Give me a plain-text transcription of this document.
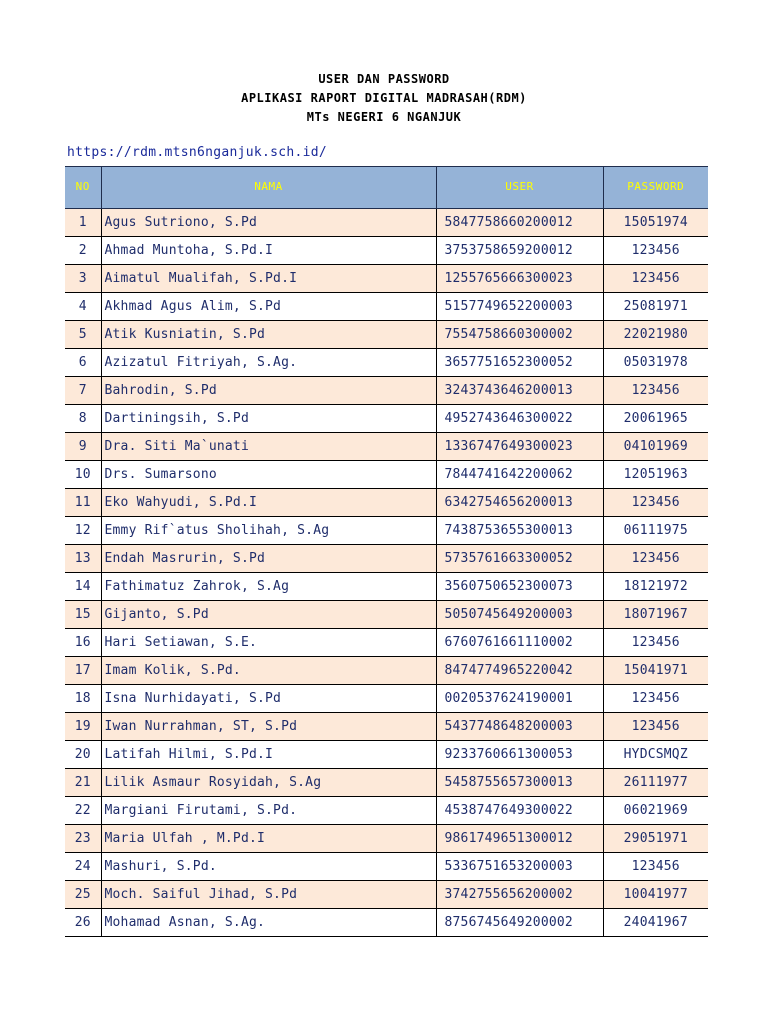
USER DAN PASSWORD
APLIKASI RAPORT DIGITAL MADRASAH(RDM)
MTs NEGERI 6 NGANJUK
https://rdm.mtsn6nganjuk.sch.id/
NO	NAMA	USER	PASSWORD
1	Agus Sutriono, S.Pd	5847758660200012	15051974
2	Ahmad Muntoha, S.Pd.I	3753758659200012	123456
3	Aimatul Mualifah, S.Pd.I	1255765666300023	123456
4	Akhmad Agus Alim, S.Pd	5157749652200003	25081971
5	Atik Kusniatin, S.Pd	7554758660300002	22021980
6	Azizatul Fitriyah, S.Ag.	3657751652300052	05031978
7	Bahrodin, S.Pd	3243743646200013	123456
8	Dartiningsih, S.Pd	4952743646300022	20061965
9	Dra. Siti Ma`unati	1336747649300023	04101969
10	Drs. Sumarsono	7844741642200062	12051963
11	Eko Wahyudi, S.Pd.I	6342754656200013	123456
12	Emmy Rif`atus Sholihah, S.Ag	7438753655300013	06111975
13	Endah Masrurin, S.Pd	5735761663300052	123456
14	Fathimatuz Zahrok, S.Ag	3560750652300073	18121972
15	Gijanto, S.Pd	5050745649200003	18071967
16	Hari Setiawan, S.E.	6760761661110002	123456
17	Imam Kolik, S.Pd.	8474774965220042	15041971
18	Isna Nurhidayati, S.Pd	0020537624190001	123456
19	Iwan Nurrahman, ST, S.Pd	5437748648200003	123456
20	Latifah Hilmi, S.Pd.I	9233760661300053	HYDCSMQZ
21	Lilik Asmaur Rosyidah, S.Ag	5458755657300013	26111977
22	Margiani Firutami, S.Pd.	4538747649300022	06021969
23	Maria Ulfah , M.Pd.I	9861749651300012	29051971
24	Mashuri, S.Pd.	5336751653200003	123456
25	Moch. Saiful Jihad, S.Pd	3742755656200002	10041977
26	Mohamad Asnan, S.Ag.	8756745649200002	24041967
